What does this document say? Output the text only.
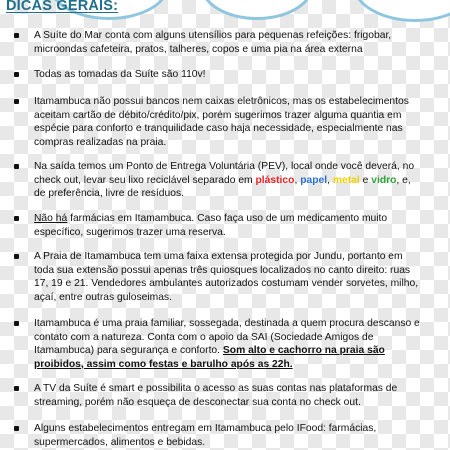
DICAS GERAIS:
A Suíte do Mar conta com alguns utensílios para pequenas refeições: frigobar, microondas cafeteira, pratos, talheres, copos e uma pia na área externa
Todas as tomadas da Suíte são 110v!
Itamambuca não possui bancos nem caixas eletrônicos, mas os estabelecimentos aceitam cartão de débito/crédito/pix, porém sugerimos trazer alguma quantia em espécie para conforto e tranquilidade caso haja necessidade, especialmente nas compras realizadas na praia.
Na saída temos um Ponto de Entrega Voluntária (PEV), local onde você deverá, no check out, levar seu lixo reciclável separado em plástico, papel, metal e vidro, e, de preferência, livre de resíduos.
Não há farmácias em Itamambuca. Caso faça uso de um medicamento muito específico, sugerimos trazer uma reserva.
A Praia de Itamambuca tem uma faixa extensa protegida por Jundu, portanto em toda sua extensão possui apenas três quiosques localizados no canto direito: ruas 17, 19 e 21. Vendedores ambulantes autorizados costumam vender sorvetes, milho, açaí, entre outras guloseimas.
Itamambuca é uma praia familiar, sossegada, destinada a quem procura descanso e contato com a natureza. Conta com o apoio da SAI (Sociedade Amigos de Itamambuca) para segurança e conforto. Som alto e cachorro na praia são proibidos, assim como festas e barulho após as 22h.
A TV da Suíte é smart e possibilita o acesso as suas contas nas plataformas de streaming, porém não esqueça de desconectar sua conta no check out.
Alguns estabelecimentos entregam em Itamambuca pelo IFood: farmácias, supermercados, alimentos e bebidas.
